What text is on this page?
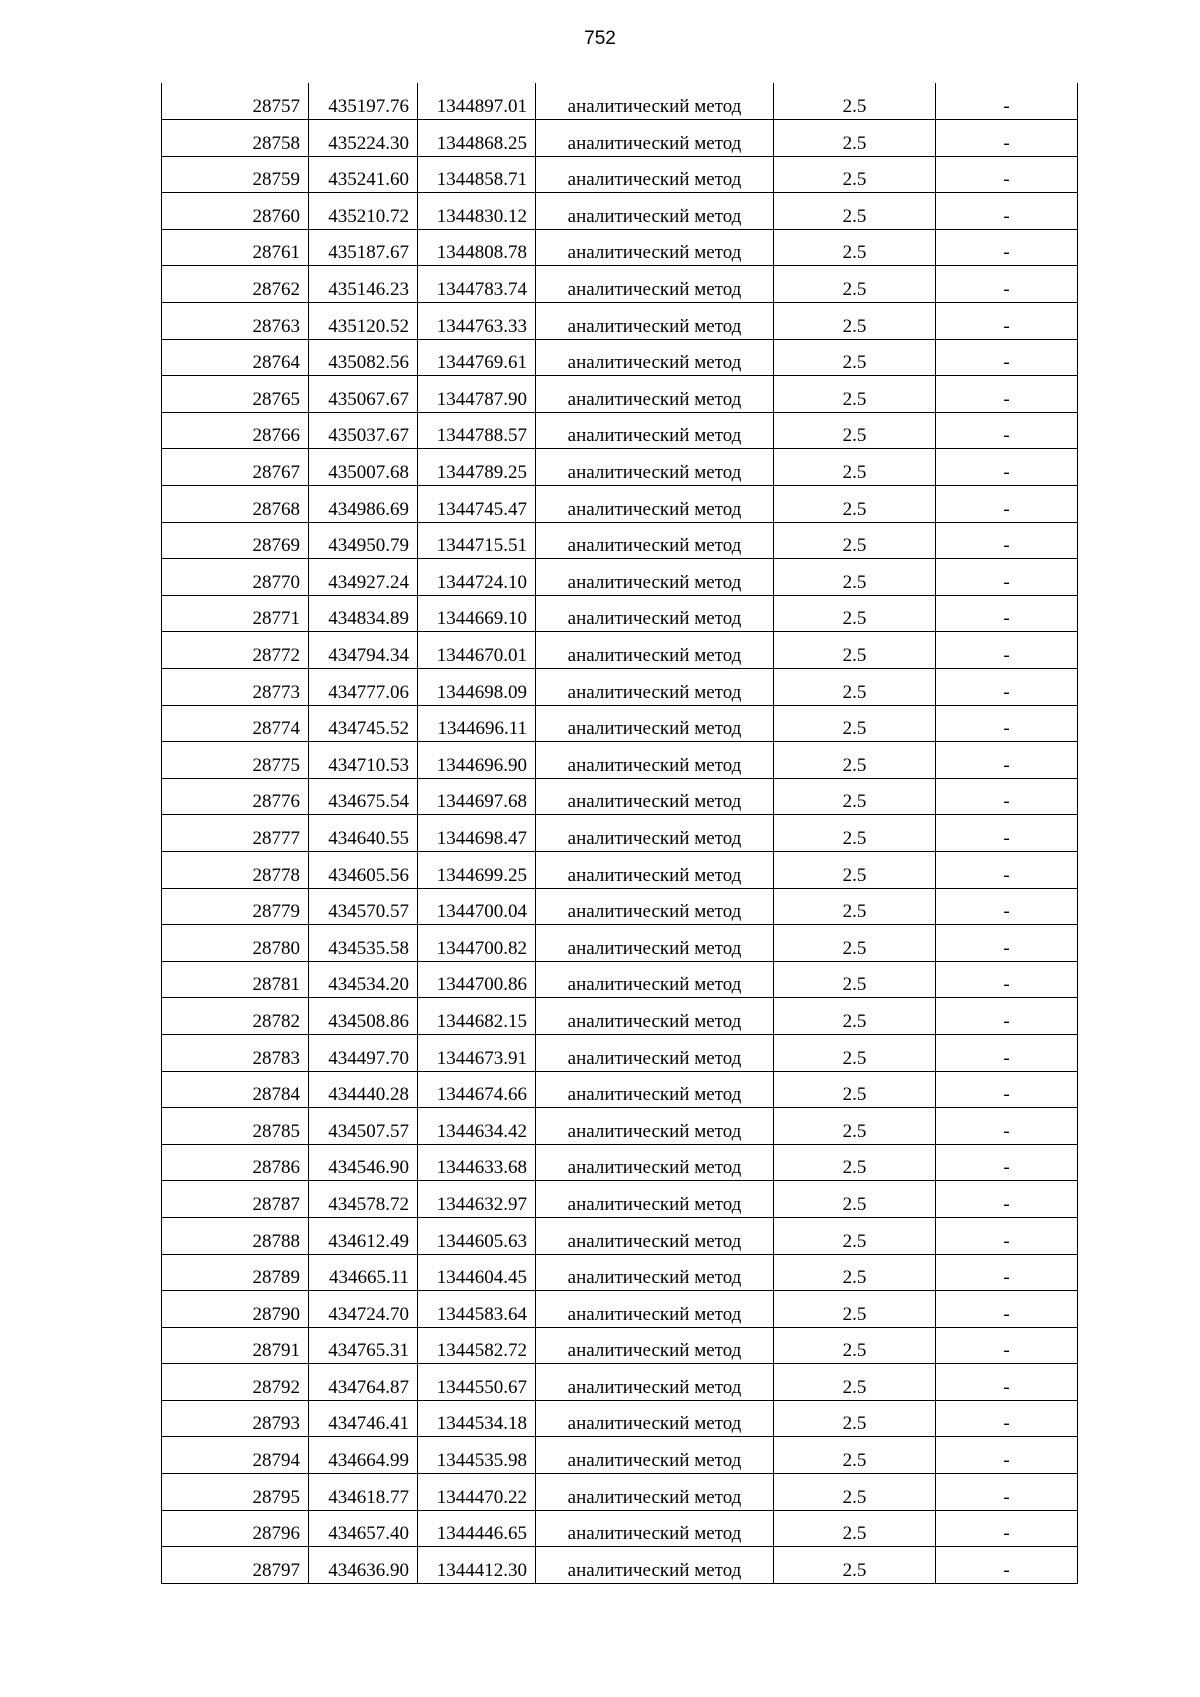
752
28757	435197.76	1344897.01	аналитический метод	2.5	-
28758	435224.30	1344868.25	аналитический метод	2.5	-
28759	435241.60	1344858.71	аналитический метод	2.5	-
28760	435210.72	1344830.12	аналитический метод	2.5	-
28761	435187.67	1344808.78	аналитический метод	2.5	-
28762	435146.23	1344783.74	аналитический метод	2.5	-
28763	435120.52	1344763.33	аналитический метод	2.5	-
28764	435082.56	1344769.61	аналитический метод	2.5	-
28765	435067.67	1344787.90	аналитический метод	2.5	-
28766	435037.67	1344788.57	аналитический метод	2.5	-
28767	435007.68	1344789.25	аналитический метод	2.5	-
28768	434986.69	1344745.47	аналитический метод	2.5	-
28769	434950.79	1344715.51	аналитический метод	2.5	-
28770	434927.24	1344724.10	аналитический метод	2.5	-
28771	434834.89	1344669.10	аналитический метод	2.5	-
28772	434794.34	1344670.01	аналитический метод	2.5	-
28773	434777.06	1344698.09	аналитический метод	2.5	-
28774	434745.52	1344696.11	аналитический метод	2.5	-
28775	434710.53	1344696.90	аналитический метод	2.5	-
28776	434675.54	1344697.68	аналитический метод	2.5	-
28777	434640.55	1344698.47	аналитический метод	2.5	-
28778	434605.56	1344699.25	аналитический метод	2.5	-
28779	434570.57	1344700.04	аналитический метод	2.5	-
28780	434535.58	1344700.82	аналитический метод	2.5	-
28781	434534.20	1344700.86	аналитический метод	2.5	-
28782	434508.86	1344682.15	аналитический метод	2.5	-
28783	434497.70	1344673.91	аналитический метод	2.5	-
28784	434440.28	1344674.66	аналитический метод	2.5	-
28785	434507.57	1344634.42	аналитический метод	2.5	-
28786	434546.90	1344633.68	аналитический метод	2.5	-
28787	434578.72	1344632.97	аналитический метод	2.5	-
28788	434612.49	1344605.63	аналитический метод	2.5	-
28789	434665.11	1344604.45	аналитический метод	2.5	-
28790	434724.70	1344583.64	аналитический метод	2.5	-
28791	434765.31	1344582.72	аналитический метод	2.5	-
28792	434764.87	1344550.67	аналитический метод	2.5	-
28793	434746.41	1344534.18	аналитический метод	2.5	-
28794	434664.99	1344535.98	аналитический метод	2.5	-
28795	434618.77	1344470.22	аналитический метод	2.5	-
28796	434657.40	1344446.65	аналитический метод	2.5	-
28797	434636.90	1344412.30	аналитический метод	2.5	-
